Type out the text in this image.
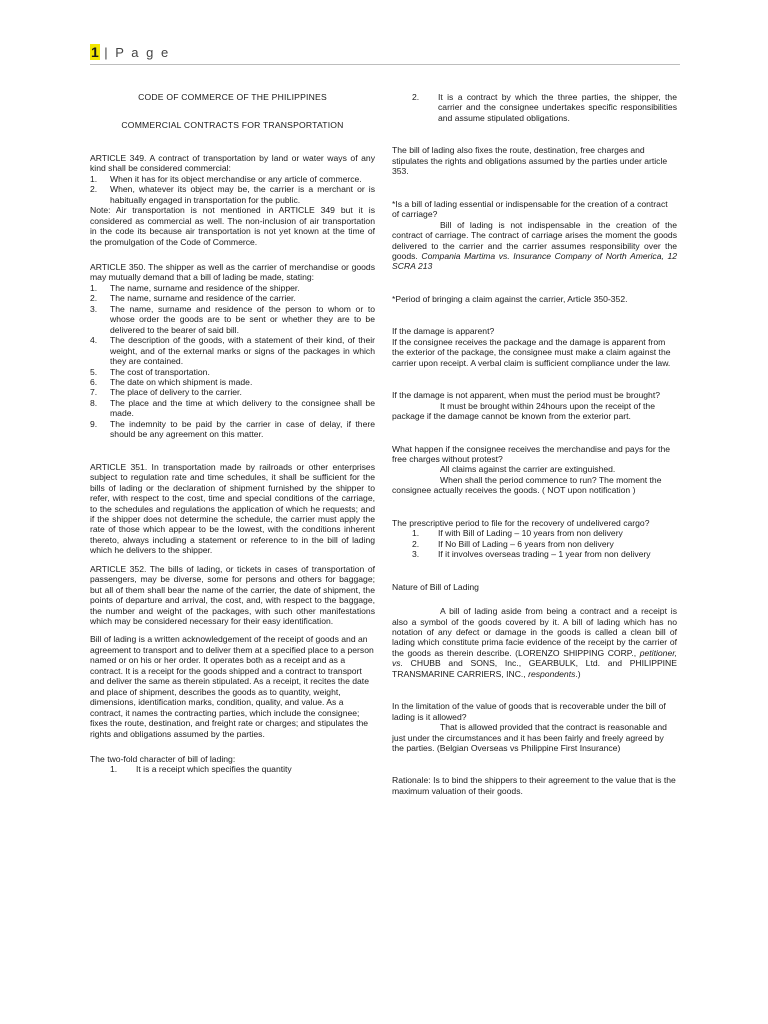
1 | P a g e

CODE OF COMMERCE OF THE PHILIPPINES

COMMERCIAL CONTRACTS FOR TRANSPORTATION

ARTICLE 349. A contract of transportation by land or water ways of any kind shall be considered commercial:

1.	When it has for its object merchandise or any article of commerce.
2.	When, whatever its object may be, the carrier is a merchant or is habitually engaged in transportation for the public.

Note: Air transportation is not mentioned in ARTICLE 349 but it is considered as commercial as well. The non-inclusion of air transportation in the code its because air transportation is not yet known at the time of the promulgation of the Code of Commerce.

ARTICLE 350. The shipper as well as the carrier of merchandise or goods may mutually demand that a bill of lading be made, stating:

1.	The name, surname and residence of the shipper.
2.	The name, surname and residence of the carrier.
3.	The name, surname and residence of the person to whom or to whose order the goods are to be sent or whether they are to be delivered to the bearer of said bill.
4.	The description of the goods, with a statement of their kind, of their weight, and of the external marks or signs of the packages in which they are contained.
5.	The cost of transportation.
6.	The date on which shipment is made.
7.	The place of delivery to the carrier.
8.	The place and the time at which delivery to the consignee shall be made.
9.	The indemnity to be paid by the carrier in case of delay, if there should be any agreement on this matter.

ARTICLE 351. In transportation made by railroads or other enterprises subject to regulation rate and time schedules, it shall be sufficient for the bills of lading or the declaration of shipment furnished by the shipper to refer, with respect to the cost, time and special conditions of the carriage, to the schedules and regulations the application of which he requests; and if the shipper does not determine the schedule, the carrier must apply the rate of those which appear to be the lowest, with the conditions inherent thereto, always including a statement or reference to in the bill of lading which he delivers to the shipper.

ARTICLE 352. The bills of lading, or tickets in cases of transportation of passengers, may be diverse, some for persons and others for baggage; but all of them shall bear the name of the carrier, the date of shipment, the points of departure and arrival, the cost, and, with respect to the baggage, the number and weight of the packages, with such other manifestations which may be considered necessary for their easy identification.

Bill of lading is a written acknowledgement of the receipt of goods and an agreement to transport and to deliver them at a specified place to a person named or on his or her order. It operates both as a receipt and as a contract. It is a receipt for the goods shipped and a contract to transport and deliver the same as therein stipulated. As a receipt, it recites the date and place of shipment, describes the goods as to quantity, weight, dimensions, identification marks, condition, quality, and value. As a contract, it names the contracting parties, which include the consignee; fixes the route, destination, and freight rate or charges; and stipulates the rights and obligations assumed by the parties.

The two-fold character of bill of lading:

1.	It is a receipt which specifies the quantity
2.	It is a contract by which the three parties, the shipper, the carrier and the consignee undertakes specific responsibilities and assume stipulated obligations.

The bill of lading also fixes the route, destination, free charges and stipulates the rights and obligations assumed by the parties under article 353.

*Is a bill of lading essential or indispensable for the creation of a contract of carriage?

Bill of lading is not indispensable in the creation of the contract of carriage. The contract of carriage arises the moment the goods delivered to the carrier and the carrier assumes responsibility over the goods. Compania Martima vs. Insurance Company of North America, 12 SCRA 213

*Period of bringing a claim against the carrier, Article 350-352.

If the damage is apparent?

If the consignee receives the package and the damage is apparent from the exterior of the package, the consignee must make a claim against the carrier upon receipt. A verbal claim is sufficient compliance under the law.

If the damage is not apparent, when must the period must be brought?

It must be brought within 24hours upon the receipt of the package if the damage cannot be known from the exterior part.

What happen if the consignee receives the merchandise and pays for the free charges without protest?

All claims against the carrier are extinguished.

When shall the period commence to run? The moment the consignee actually receives the goods. ( NOT upon notification )

The prescriptive period to file for the recovery of undelivered cargo?

1.	If with Bill of Lading – 10 years from non delivery
2.	If No Bill of Lading – 6 years from non delivery
3.	If it involves overseas trading – 1 year from non delivery

Nature of Bill of Lading

A bill of lading aside from being a contract and a receipt is also a symbol of the goods covered by it. A bill of lading which has no notation of any defect or damage in the goods is called a clean bill of lading which constitute prima facie evidence of the receipt by the carrier of the goods as therein describe. (LORENZO SHIPPING CORP., petitioner, vs. CHUBB and SONS, Inc., GEARBULK, Ltd. and PHILIPPINE TRANSMARINE CARRIERS, INC., respondents.)

In the limitation of the value of goods that is recoverable under the bill of lading is it allowed?

That is allowed provided that the contract is reasonable and just under the circumstances and it has been fairly and freely agreed by the parties. (Belgian Overseas vs Philippine First Insurance)

Rationale: Is to bind the shippers to their agreement to the value that is the maximum valuation of their goods.
